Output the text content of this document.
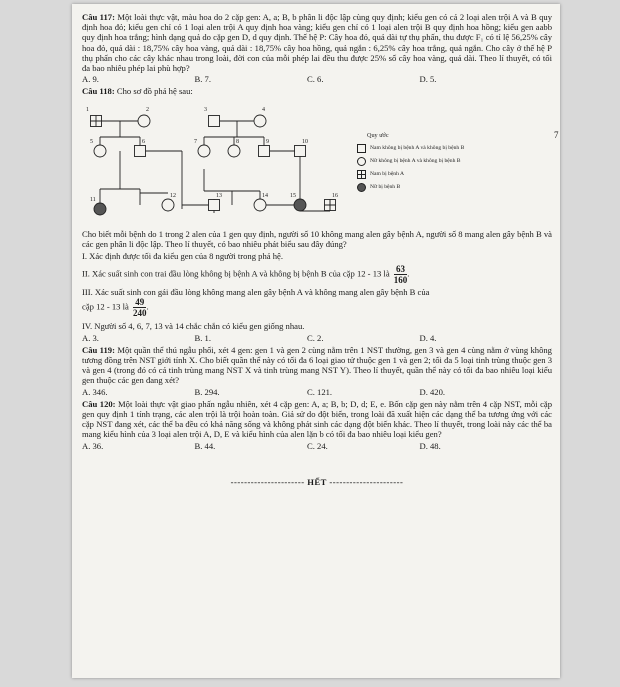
7

Câu 117: Một loài thực vật, màu hoa do 2 cặp gen: A, a; B, b phân li độc lập cùng quy định; kiểu gen có cả 2 loại alen trội A và B quy định hoa đỏ; kiểu gen chỉ có 1 loại alen trội A quy định hoa vàng; kiểu gen chỉ có 1 loại alen trội B quy định hoa hồng; kiểu gen aabb quy định hoa trắng; hình dạng quả do cặp gen D, d quy định. Thế hệ P: Cây hoa đỏ, quả dài tự thụ phấn, thu được F₁ có tỉ lệ 56,25% cây hoa đỏ, quả dài : 18,75% cây hoa vàng, quả dài : 18,75% cây hoa hồng, quả ngắn : 6,25% cây hoa trắng, quả ngắn. Cho cây ở thế hệ P thụ phấn cho các cây khác nhau trong loài, đời con của mỗi phép lai đều thu được 25% số cây hoa vàng, quả dài. Theo lí thuyết, có tối đa bao nhiêu phép lai phù hợp?

A. 9.	B. 7.	C. 6.	D. 5.

Câu 118: Cho sơ đồ phả hệ sau:

1	2	3	4
5	6	7	8	9	10
11
12	13	14	15	16
Quy ước
Nam không bị bệnh A và không bị bệnh B
Nữ không bị bệnh A và không bị bệnh B
Nam bị bệnh A
Nữ bị bệnh B

Cho biết mỗi bệnh do 1 trong 2 alen của 1 gen quy định, người số 10 không mang alen gây bệnh A, người số 8 mang alen gây bệnh B và các gen phân li độc lập. Theo lí thuyết, có bao nhiêu phát biểu sau đây đúng?

I. Xác định được tối đa kiểu gen của 8 người trong phả hệ.

II. Xác suất sinh con trai đầu lòng không bị bệnh A và không bị bệnh B của cặp 12 - 13 là $\frac{63}{160}$ .

III. Xác suất sinh con gái đầu lòng không mang alen gây bệnh A và không mang alen gây bệnh B của
cặp 12 - 13 là $\frac{49}{240}$ .

IV. Người số 4, 6, 7, 13 và 14 chắc chắn có kiểu gen giống nhau.

A. 3.	B. 1.	C. 2.	D. 4.

Câu 119: Một quần thể thú ngẫu phối, xét 4 gen: gen 1 và gen 2 cùng nằm trên 1 NST thường, gen 3 và gen 4 cùng nằm ở vùng không tương đồng trên NST giới tính X. Cho biết quần thể này có tối đa 6 loại giao tử thuộc gen 1 và gen 2; tối đa 5 loại tinh trùng thuộc gen 3 và gen 4 (trong đó có cả tinh trùng mang NST X và tinh trùng mang NST Y). Theo lí thuyết, quần thể này có tối đa bao nhiêu loại kiểu gen thuộc các gen đang xét?

A. 346.	B. 294.	C. 121.	D. 420.

Câu 120: Một loài thực vật giao phấn ngẫu nhiên, xét 4 cặp gen: A, a; B, b; D, d; E, e. Bốn cặp gen này nằm trên 4 cặp NST, mỗi cặp gen quy định 1 tính trạng, các alen trội là trội hoàn toàn. Giả sử do đột biến, trong loài đã xuất hiện các dạng thể ba tương ứng với các cặp NST đang xét, các thể ba đều có khả năng sống và không phát sinh các dạng đột biến khác. Theo lí thuyết, trong loài này các thể ba mang kiểu hình của 3 loại alen trội A, D, E và kiểu hình của alen lặn b có tối đa bao nhiêu loại kiểu gen?

A. 36.	B. 44.	C. 24.	D. 48.
---------------------- HẾT ----------------------
